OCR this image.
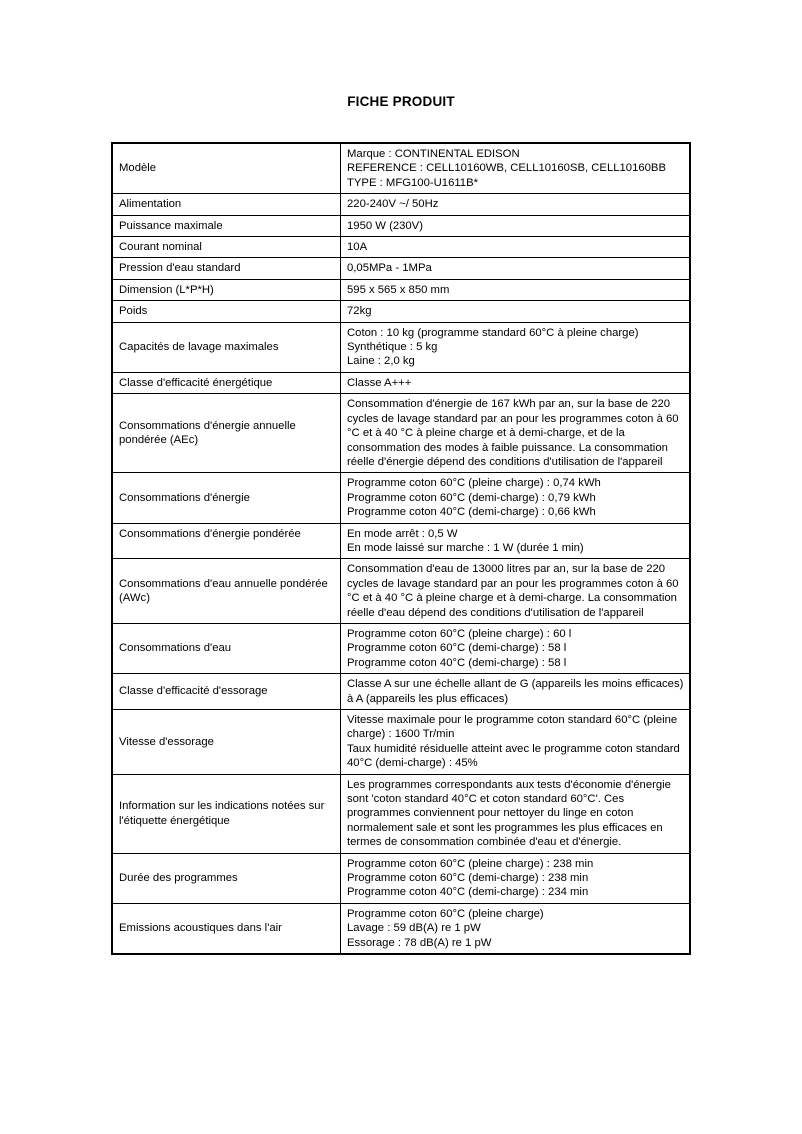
FICHE PRODUIT
Modèle	Marque : CONTINENTAL EDISON
REFERENCE : CELL10160WB, CELL10160SB, CELL10160BB
TYPE : MFG100-U1611B*

Alimentation	220-240V ~/ 50Hz

Puissance maximale	1950 W (230V)

Courant nominal	10A

Pression d'eau standard	0,05MPa - 1MPa

Dimension (L*P*H)	595 x 565 x 850 mm

Poids	72kg

Capacités de lavage maximales	Coton : 10 kg (programme standard 60°C à pleine charge)
Synthétique : 5 kg
Laine : 2,0 kg

Classe d'efficacité énergétique	Classe A+++

Consommations d'énergie annuelle pondérée (AEc)	Consommation d'énergie de 167 kWh par an, sur la base de 220 cycles de lavage standard par an pour les programmes coton à 60 °C et à 40 °C à pleine charge et à demi-charge, et de la consommation des modes à faible puissance. La consommation réelle d'énergie dépend des conditions d'utilisation de l'appareil

Consommations d'énergie	Programme coton 60°C (pleine charge) : 0,74 kWh
Programme coton 60°C (demi-charge) : 0,79 kWh
Programme coton 40°C (demi-charge) : 0,66 kWh

Consommations d'énergie pondérée	En mode arrêt : 0,5 W
En mode laissé sur marche : 1 W (durée 1 min)

Consommations d'eau annuelle pondérée (AWc)	Consommation d'eau de 13000 litres par an, sur la base de 220 cycles de lavage standard par an pour les programmes coton à 60 °C et à 40 °C à pleine charge et à demi-charge. La consommation réelle d'eau dépend des conditions d'utilisation de l'appareil

Consommations d'eau	Programme coton 60°C (pleine charge) : 60 l
Programme coton 60°C (demi-charge) : 58 l
Programme coton 40°C (demi-charge) : 58 l

Classe d'efficacité d'essorage	Classe A sur une échelle allant de G (appareils les moins efficaces) à A (appareils les plus efficaces)

Vitesse d'essorage	Vitesse maximale pour le programme coton standard 60°C (pleine charge) : 1600 Tr/min
Taux humidité résiduelle atteint avec le programme coton standard 40°C (demi-charge) : 45%

Information sur les indications notées sur l'étiquette énergétique	Les programmes correspondants aux tests d'économie d'énergie sont 'coton standard 40°C et coton standard 60°C'. Ces programmes conviennent pour nettoyer du linge en coton normalement sale et sont les programmes les plus efficaces en termes de consommation combinée d'eau et d'énergie.

Durée des programmes	Programme coton 60°C (pleine charge) : 238 min
Programme coton 60°C (demi-charge) : 238 min
Programme coton 40°C (demi-charge) : 234 min

Emissions acoustiques dans l'air	Programme coton 60°C (pleine charge)
Lavage : 59 dB(A) re 1 pW
Essorage : 78 dB(A) re 1 pW
